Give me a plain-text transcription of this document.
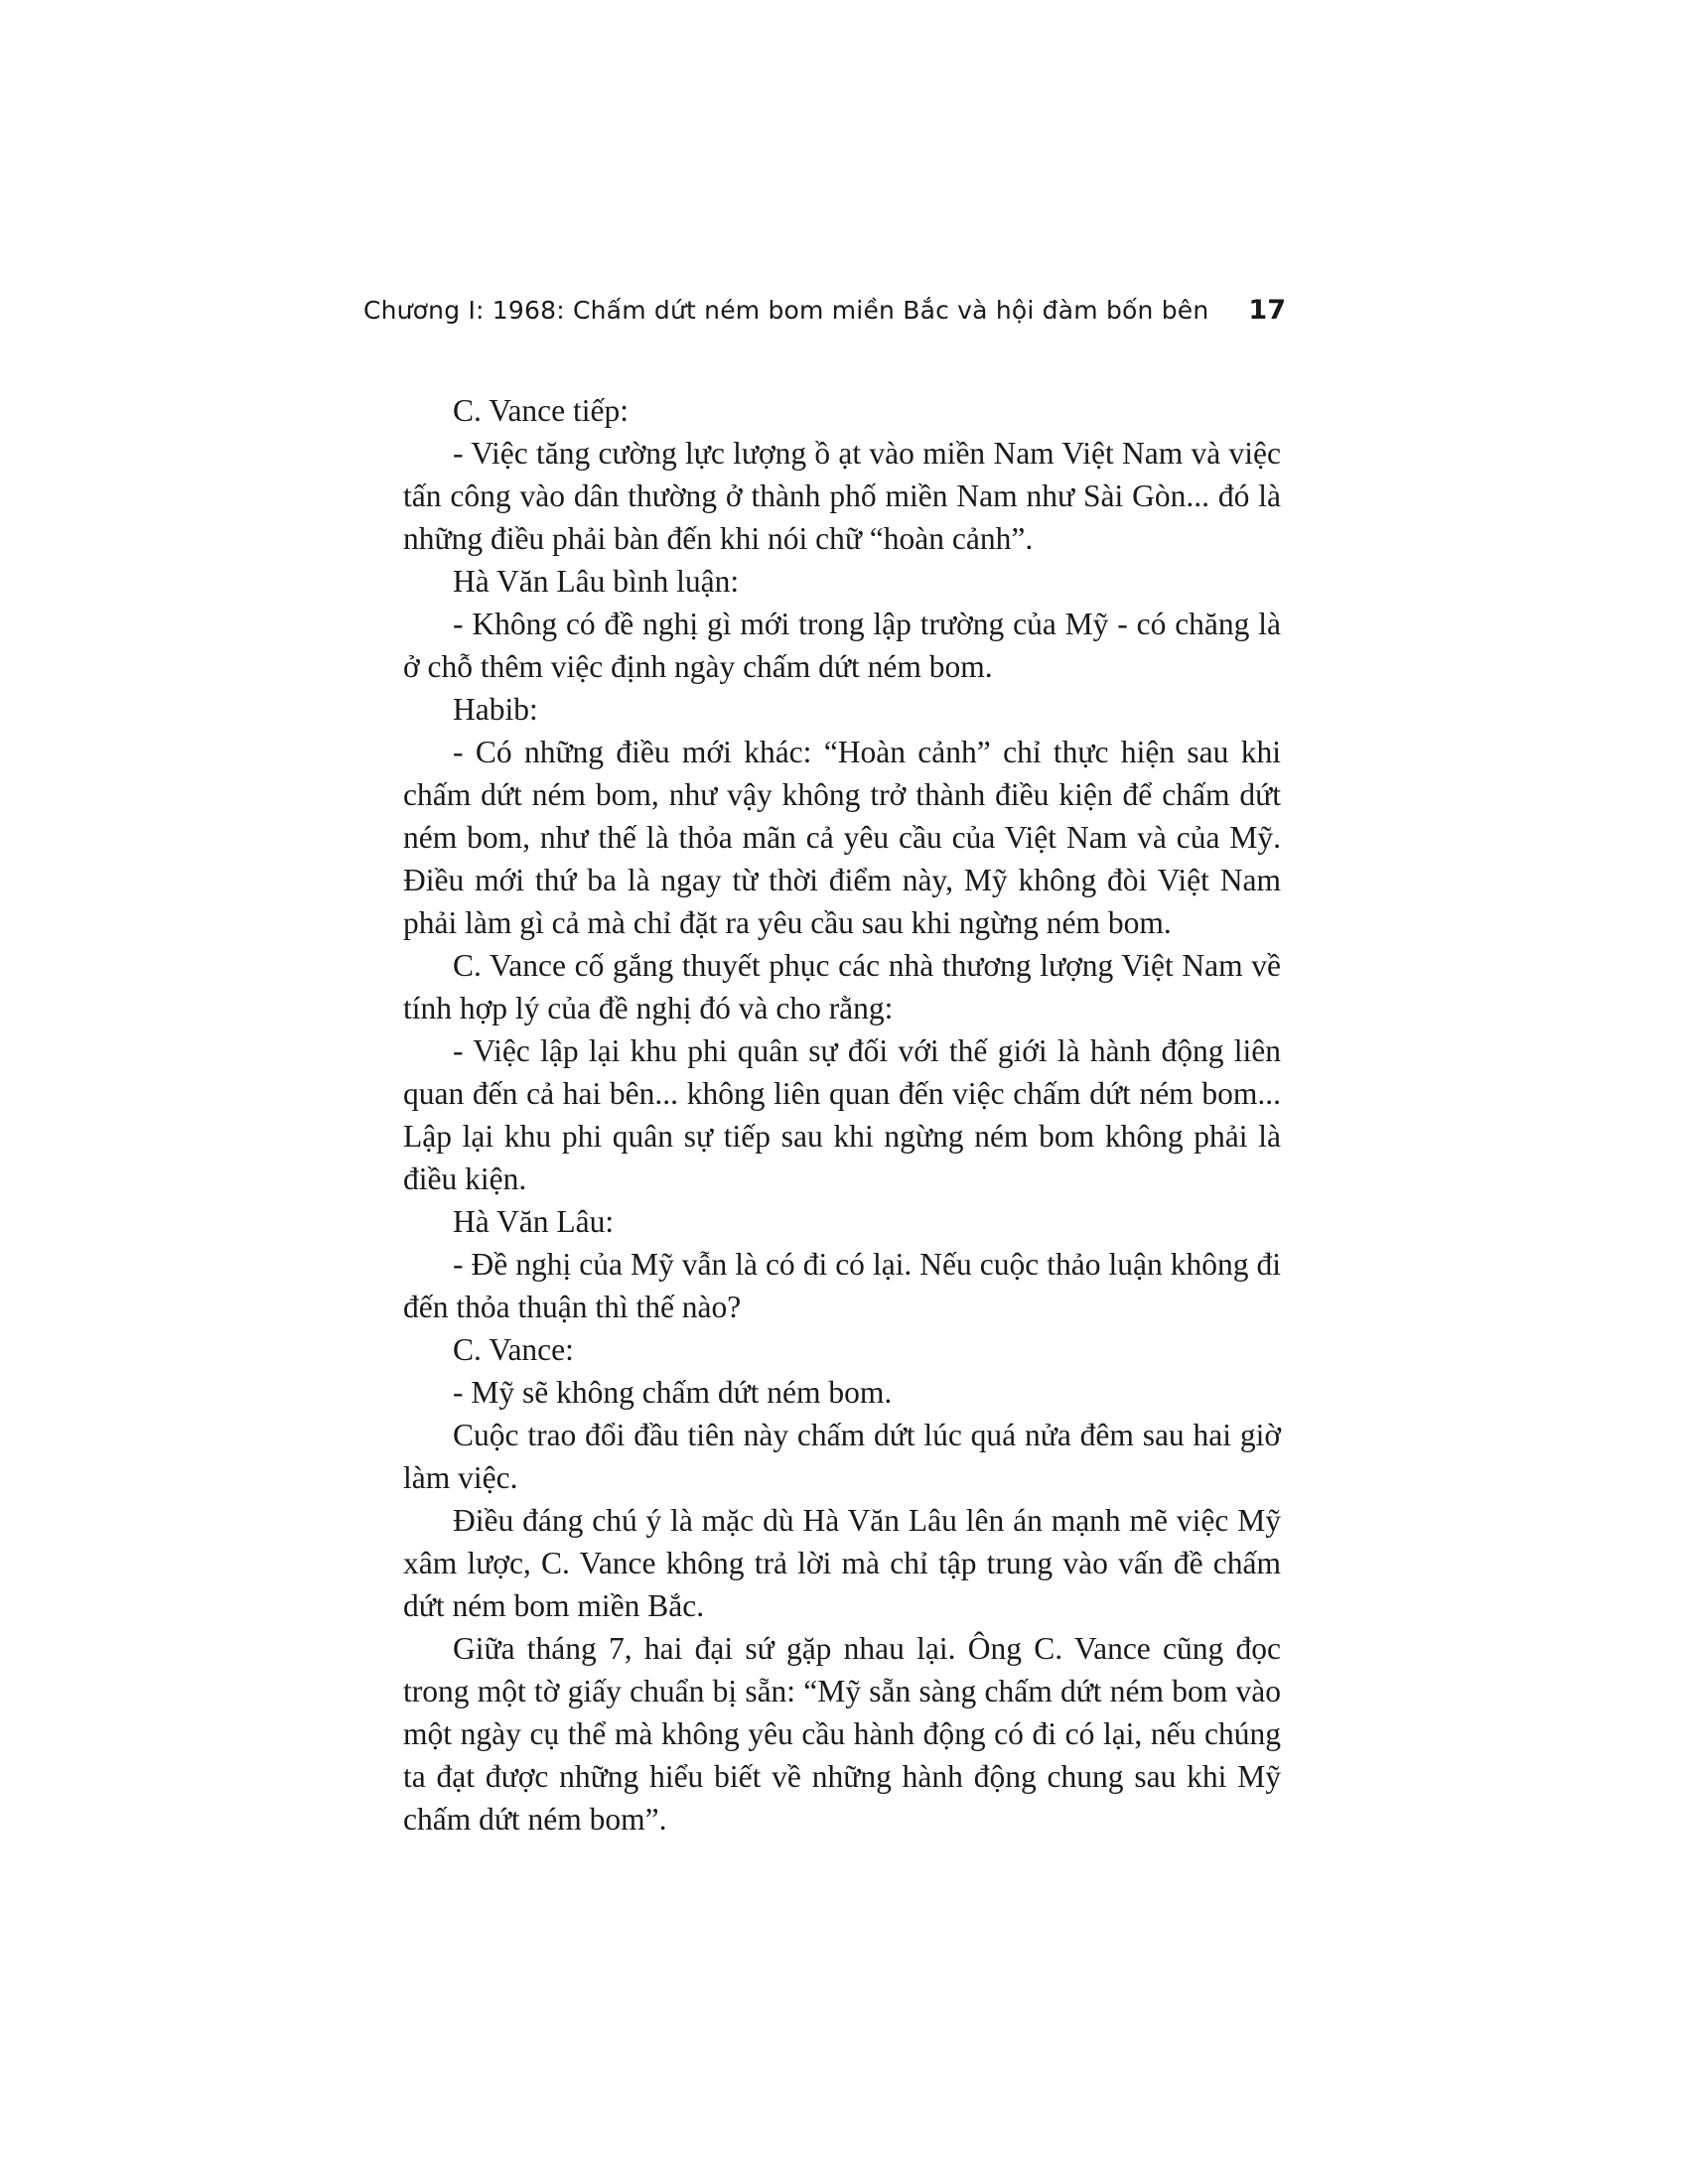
Chương I: 1968: Chấm dứt ném bom miền Bắc và hội đàm bốn bên 17

C. Vance tiếp:

- Việc tăng cường lực lượng ồ ạt vào miền Nam Việt Nam và việc tấn công vào dân thường ở thành phố miền Nam như Sài Gòn... đó là những điều phải bàn đến khi nói chữ “hoàn cảnh”.

Hà Văn Lâu bình luận:

- Không có đề nghị gì mới trong lập trường của Mỹ - có chăng là ở chỗ thêm việc định ngày chấm dứt ném bom.

Habib:

- Có những điều mới khác: “Hoàn cảnh” chỉ thực hiện sau khi chấm dứt ném bom, như vậy không trở thành điều kiện để chấm dứt ném bom, như thế là thỏa mãn cả yêu cầu của Việt Nam và của Mỹ. Điều mới thứ ba là ngay từ thời điểm này, Mỹ không đòi Việt Nam phải làm gì cả mà chỉ đặt ra yêu cầu sau khi ngừng ném bom.

C. Vance cố gắng thuyết phục các nhà thương lượng Việt Nam về tính hợp lý của đề nghị đó và cho rằng:

- Việc lập lại khu phi quân sự đối với thế giới là hành động liên quan đến cả hai bên... không liên quan đến việc chấm dứt ném bom... Lập lại khu phi quân sự tiếp sau khi ngừng ném bom không phải là điều kiện.

Hà Văn Lâu:

- Đề nghị của Mỹ vẫn là có đi có lại. Nếu cuộc thảo luận không đi đến thỏa thuận thì thế nào?

C. Vance:

- Mỹ sẽ không chấm dứt ném bom.

Cuộc trao đổi đầu tiên này chấm dứt lúc quá nửa đêm sau hai giờ làm việc.

Điều đáng chú ý là mặc dù Hà Văn Lâu lên án mạnh mẽ việc Mỹ xâm lược, C. Vance không trả lời mà chỉ tập trung vào vấn đề chấm dứt ném bom miền Bắc.

Giữa tháng 7, hai đại sứ gặp nhau lại. Ông C. Vance cũng đọc trong một tờ giấy chuẩn bị sẵn: “Mỹ sẵn sàng chấm dứt ném bom vào một ngày cụ thể mà không yêu cầu hành động có đi có lại, nếu chúng ta đạt được những hiểu biết về những hành động chung sau khi Mỹ chấm dứt ném bom”.
